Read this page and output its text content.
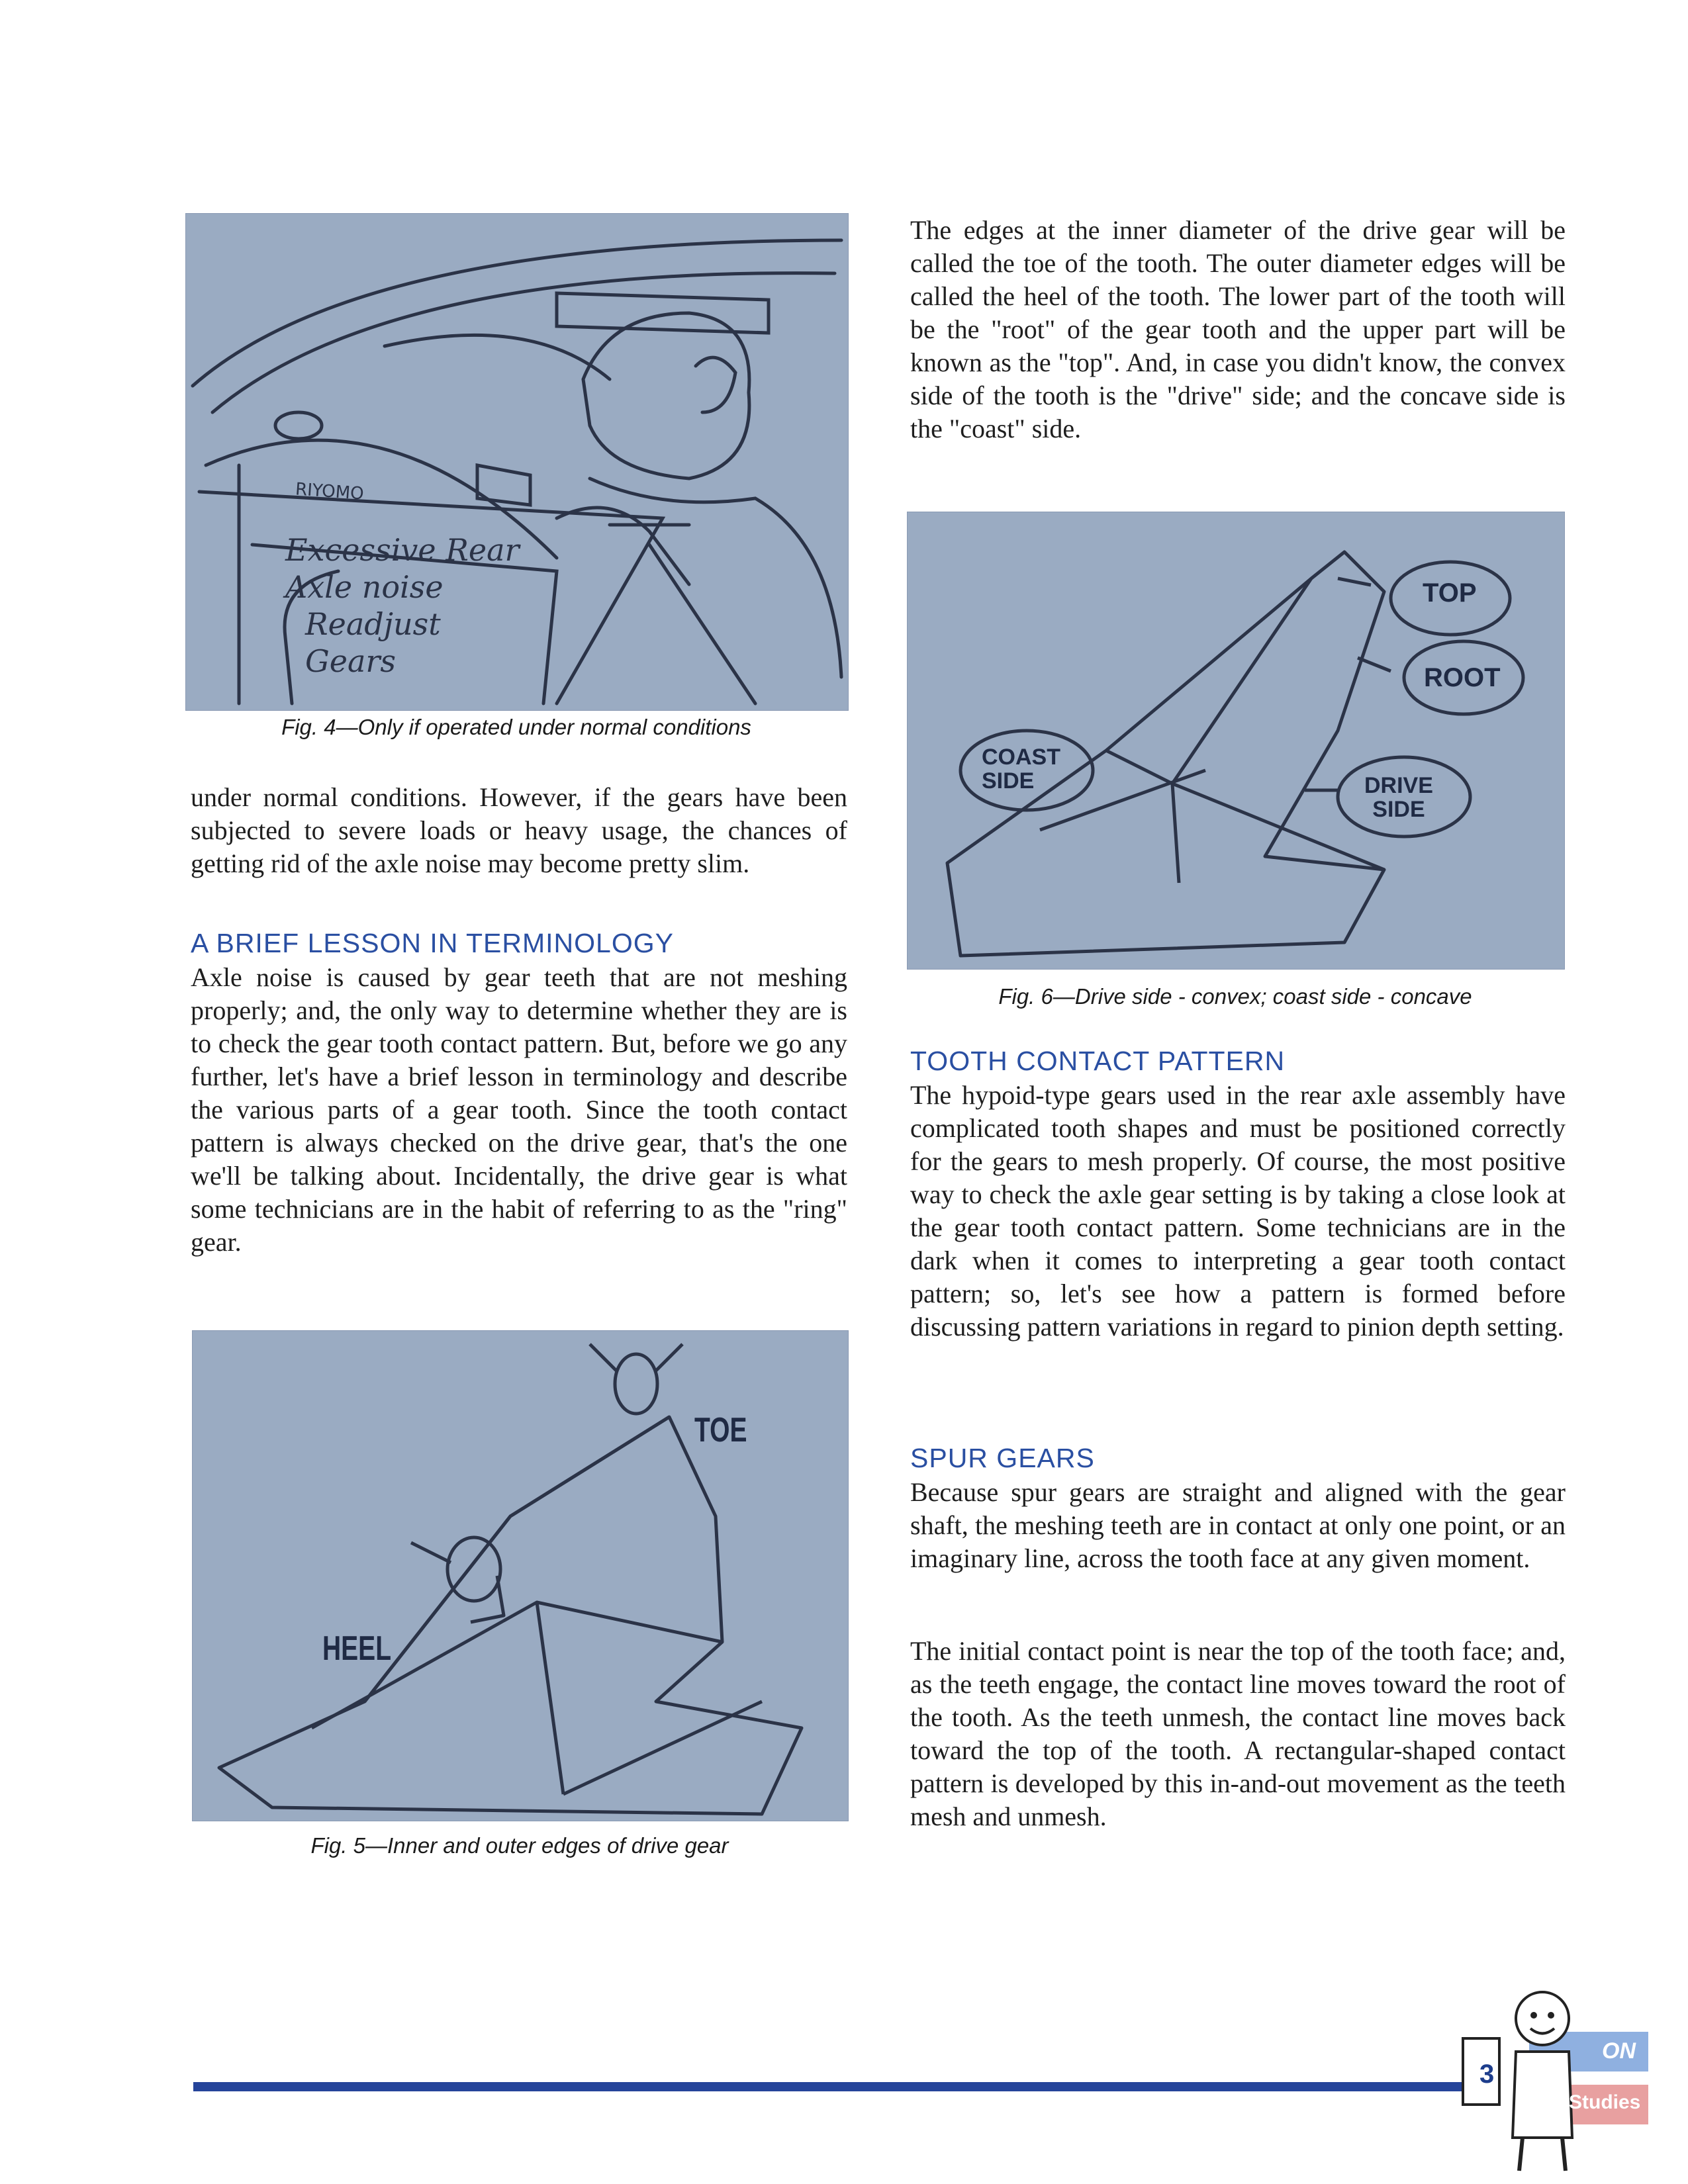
RIYOMO
Excessive Rear
Axle noise
Readjust
Gears
Fig. 4—Only if operated under normal conditions

under normal conditions. However, if the gears have been subjected to severe loads or heavy usage, the chances of getting rid of the axle noise may become pretty slim.

A BRIEF LESSON IN TERMINOLOGY

Axle noise is caused by gear teeth that are not meshing properly; and, the only way to determine whether they are is to check the gear tooth contact pattern. But, before we go any further, let's have a brief lesson in terminology and describe the various parts of a gear tooth. Since the tooth contact pattern is always checked on the drive gear, that's the one we'll be talking about. Incidentally, the drive gear is what some technicians are in the habit of referring to as the "ring" gear.

TOE
HEEL
Fig. 5—Inner and outer edges of drive gear

The edges at the inner diameter of the drive gear will be called the toe of the tooth. The outer diameter edges will be called the heel of the tooth. The lower part of the tooth will be the "root" of the gear tooth and the upper part will be known as the "top". And, in case you didn't know, the convex side of the tooth is the "drive" side; and the concave side is the "coast" side.

TOP
ROOT
COAST
SIDE	DRIVE
SIDE
Fig. 6—Drive side - convex; coast side - concave
TOOTH CONTACT PATTERN

The hypoid-type gears used in the rear axle assembly have complicated tooth shapes and must be positioned correctly for the gears to mesh properly. Of course, the most positive way to check the axle gear setting is by taking a close look at the gear tooth contact pattern. Some technicians are in the dark when it comes to interpreting a gear tooth contact pattern; so, let's see how a pattern is formed before discussing pattern variations in regard to pinion depth setting.

SPUR GEARS

Because spur gears are straight and aligned with the gear shaft, the meshing teeth are in contact at only one point, or an imaginary line, across the tooth face at any given moment.

The initial contact point is near the top of the tooth face; and, as the teeth engage, the contact line moves toward the root of the tooth. As the teeth unmesh, the contact line moves back toward the top of the tooth. A rectangular-shaped contact pattern is developed by this in-and-out movement as the teeth mesh and unmesh.

ON
E-Studies
3
